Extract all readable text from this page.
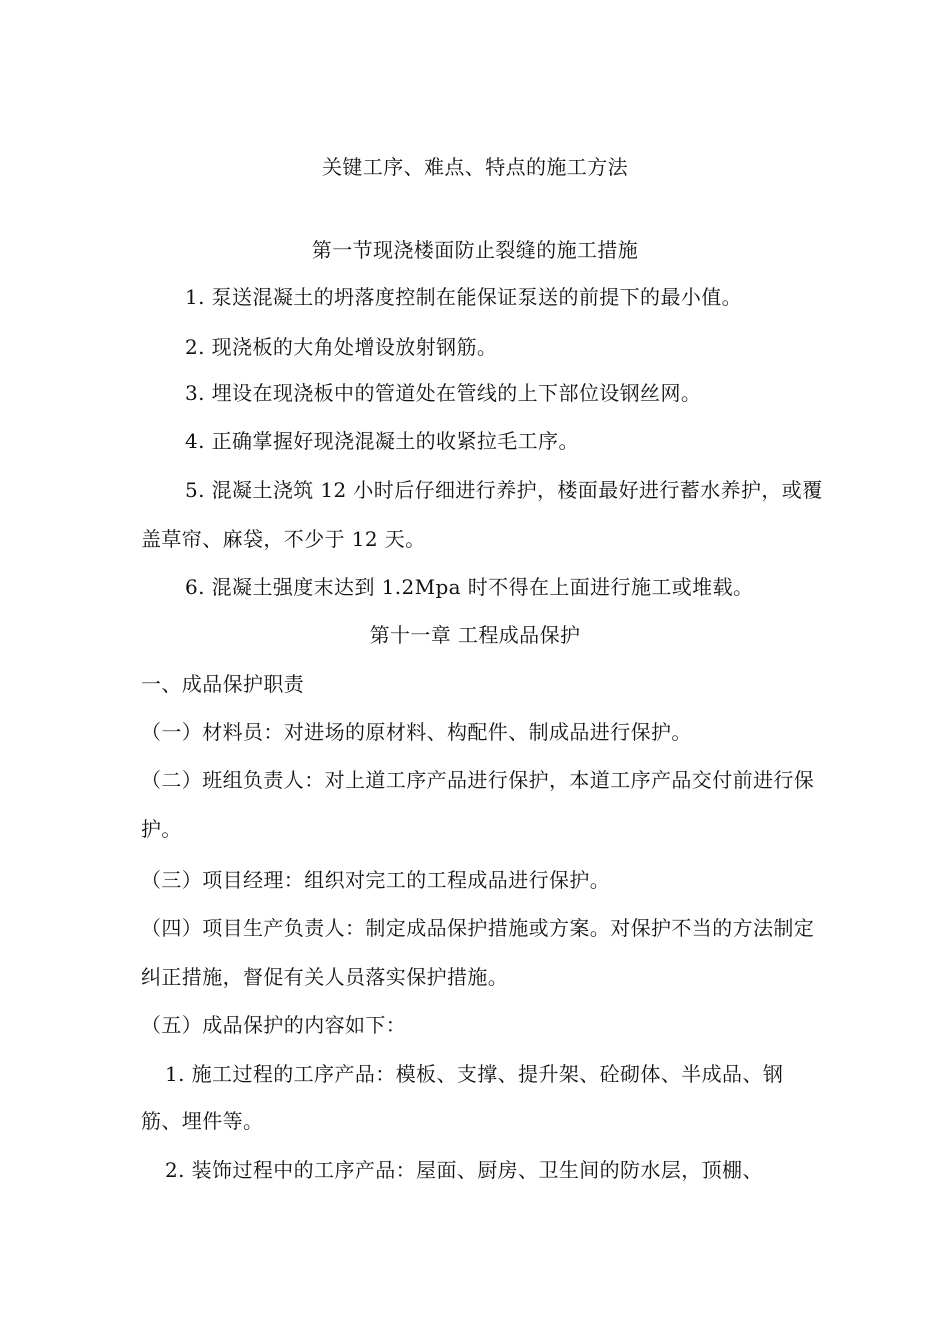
关键工序、难点、特点的施工方法
第一节现浇楼面防止裂缝的施工措施
1. 泵送混凝土的坍落度控制在能保证泵送的前提下的最小值。
2. 现浇板的大角处增设放射钢筋。
3. 埋设在现浇板中的管道处在管线的上下部位设钢丝网。
4. 正确掌握好现浇混凝土的收紧拉毛工序。
5. 混凝土浇筑 12 小时后仔细进行养护，楼面最好进行蓄水养护，或覆
盖草帘、麻袋，不少于 12 天。
6. 混凝土强度末达到 1.2Mpa 时不得在上面进行施工或堆载。
第十一章 工程成品保护
一、成品保护职责
（一）材料员：对进场的原材料、构配件、制成品进行保护。
（二）班组负责人：对上道工序产品进行保护，本道工序产品交付前进行保
护。
（三）项目经理：组织对完工的工程成品进行保护。
（四）项目生产负责人：制定成品保护措施或方案。对保护不当的方法制定
纠正措施，督促有关人员落实保护措施。
（五）成品保护的内容如下：
1. 施工过程的工序产品：模板、支撑、提升架、砼砌体、半成品、钢
筋、埋件等。
2. 装饰过程中的工序产品：屋面、厨房、卫生间的防水层，顶棚、
